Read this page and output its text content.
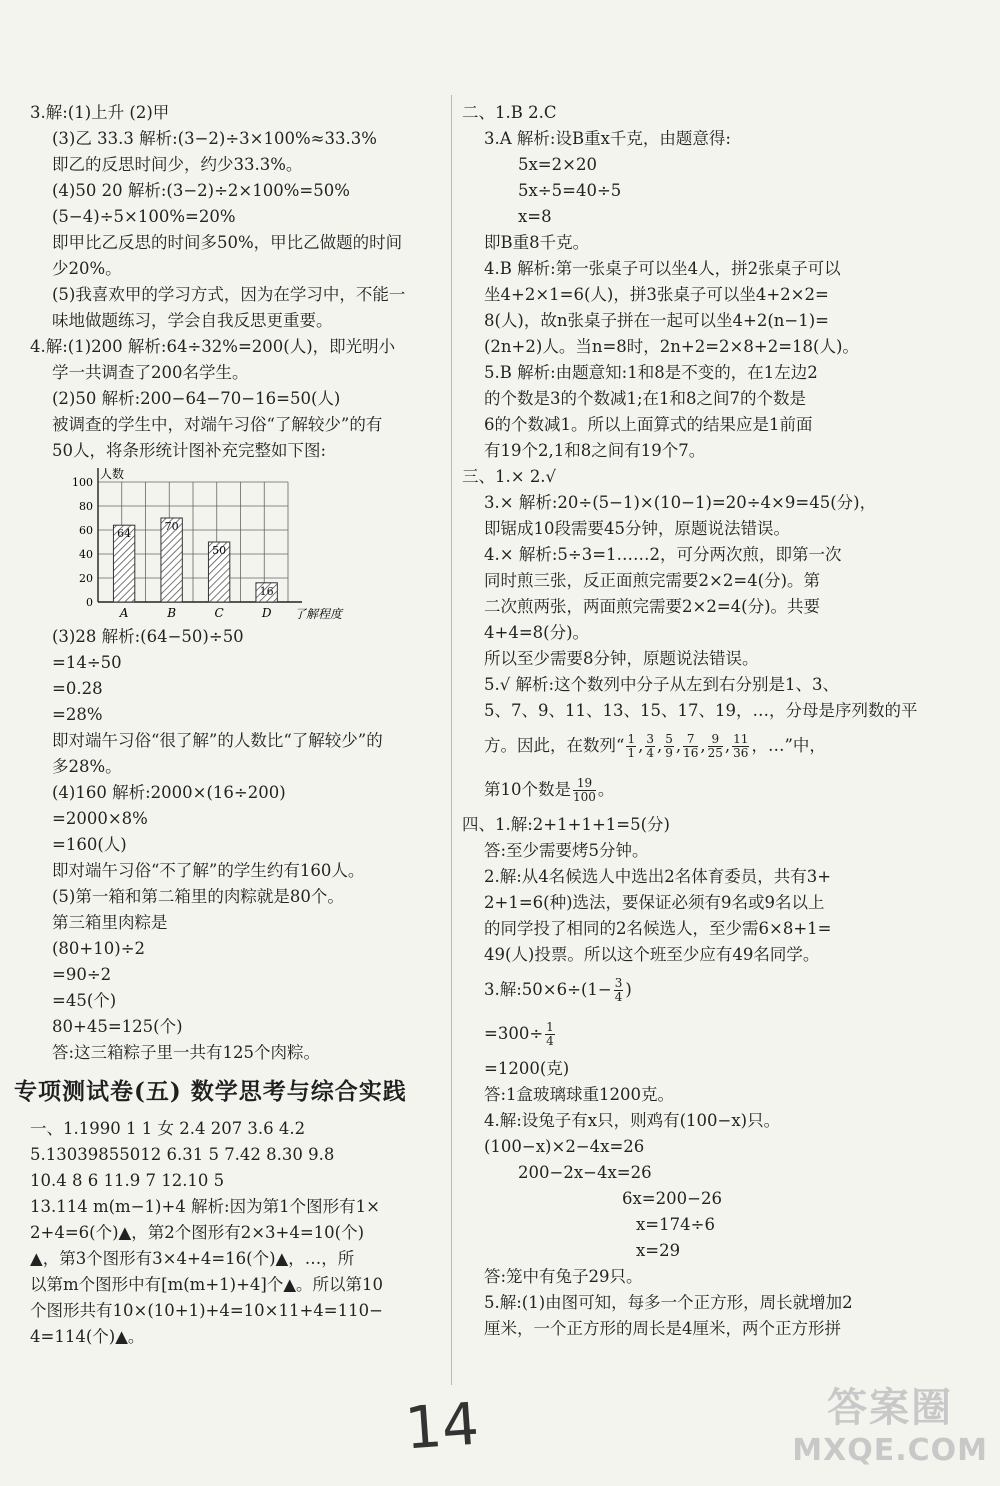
3.解:(1)上升 (2)甲
(3)乙 33.3 解析:(3−2)÷3×100%≈33.3%
即乙的反思时间少，约少33.3%。
(4)50 20 解析:(3−2)÷2×100%=50%
(5−4)÷5×100%=20%
即甲比乙反思的时间多50%，甲比乙做题的时间
少20%。
(5)我喜欢甲的学习方式，因为在学习中，不能一
味地做题练习，学会自我反思更重要。
4.解:(1)200 解析:64÷32%=200(人)，即光明小
学一共调查了200名学生。
(2)50 解析:200−64−70−16=50(人)
被调查的学生中，对端午习俗“了解较少”的有
50人，将条形统计图补充完整如下图:
0
20
40
60
80
100
人数
了解程度
64
A
70
B
50
C
16
D
(3)28 解析:(64−50)÷50
=14÷50
=0.28
=28%
即对端午习俗“很了解”的人数比“了解较少”的
多28%。
(4)160 解析:2000×(16÷200)
=2000×8%
=160(人)
即对端午习俗“不了解”的学生约有160人。
(5)第一箱和第二箱里的肉粽就是80个。
第三箱里肉粽是
(80+10)÷2
=90÷2
=45(个)
80+45=125(个)
答:这三箱粽子里一共有125个肉粽。
专项测试卷(五) 数学思考与综合实践
一、1.1990 1 1 女 2.4 207 3.6 4.2
5.13039855012 6.31 5 7.42 8.30 9.8
10.4 8 6 11.9 7 12.10 5
13.114 m(m−1)+4 解析:因为第1个图形有1×
2+4=6(个)▲，第2个图形有2×3+4=10(个)
▲，第3个图形有3×4+4=16(个)▲，…，所
以第m个图形中有[m(m+1)+4]个▲。所以第10
个图形共有10×(10+1)+4=10×11+4=110−
4=114(个)▲。
二、1.B 2.C
3.A 解析:设B重x千克，由题意得:
5x=2×20
5x÷5=40÷5
x=8
即B重8千克。
4.B 解析:第一张桌子可以坐4人，拼2张桌子可以
坐4+2×1=6(人)，拼3张桌子可以坐4+2×2=
8(人)，故n张桌子拼在一起可以坐4+2(n−1)=
(2n+2)人。当n=8时，2n+2=2×8+2=18(人)。
5.B 解析:由题意知:1和8是不变的，在1左边2
的个数是3的个数减1;在1和8之间7的个数是
6的个数减1。所以上面算式的结果应是1前面
有19个2,1和8之间有19个7。
三、1.× 2.√
3.× 解析:20÷(5−1)×(10−1)=20÷4×9=45(分)，
即锯成10段需要45分钟，原题说法错误。
4.× 解析:5÷3=1……2，可分两次煎，即第一次
同时煎三张，反正面煎完需要2×2=4(分)。第
二次煎两张，两面煎完需要2×2=4(分)。共要
4+4=8(分)。
所以至少需要8分钟，原题说法错误。
5.√ 解析:这个数列中分子从左到右分别是1、3、
5、7、9、11、13、15、17、19，…，分母是序列数的平
方。因此，在数列“ $\frac{1}{1}$ , $\frac{3}{4}$ , $\frac{5}{9}$ , $\frac{7}{16}$ , $\frac{9}{25}$ , $\frac{11}{36}$ ，…”中，
第10个数是 $\frac{19}{100}$ 。
四、1.解:2+1+1+1=5(分)
答:至少需要烤5分钟。
2.解:从4名候选人中选出2名体育委员，共有3+
2+1=6(种)选法，要保证必须有9名或9名以上
的同学投了相同的2名候选人，至少需6×8+1=
49(人)投票。所以这个班至少应有49名同学。
3.解:50×6÷(1− $\frac{3}{4}$ )
$=300\div \frac{1}{4}$
=1200(克)
答:1盒玻璃球重1200克。
4.解:设兔子有x只，则鸡有(100−x)只。
(100−x)×2−4x=26
200−2x−4x=26
6x=200−26
x=174÷6
x=29
答:笼中有兔子29只。
5.解:(1)由图可知，每多一个正方形，周长就增加2
厘米，一个正方形的周长是4厘米，两个正方形拼
14	答案圈
MXQE.COM
